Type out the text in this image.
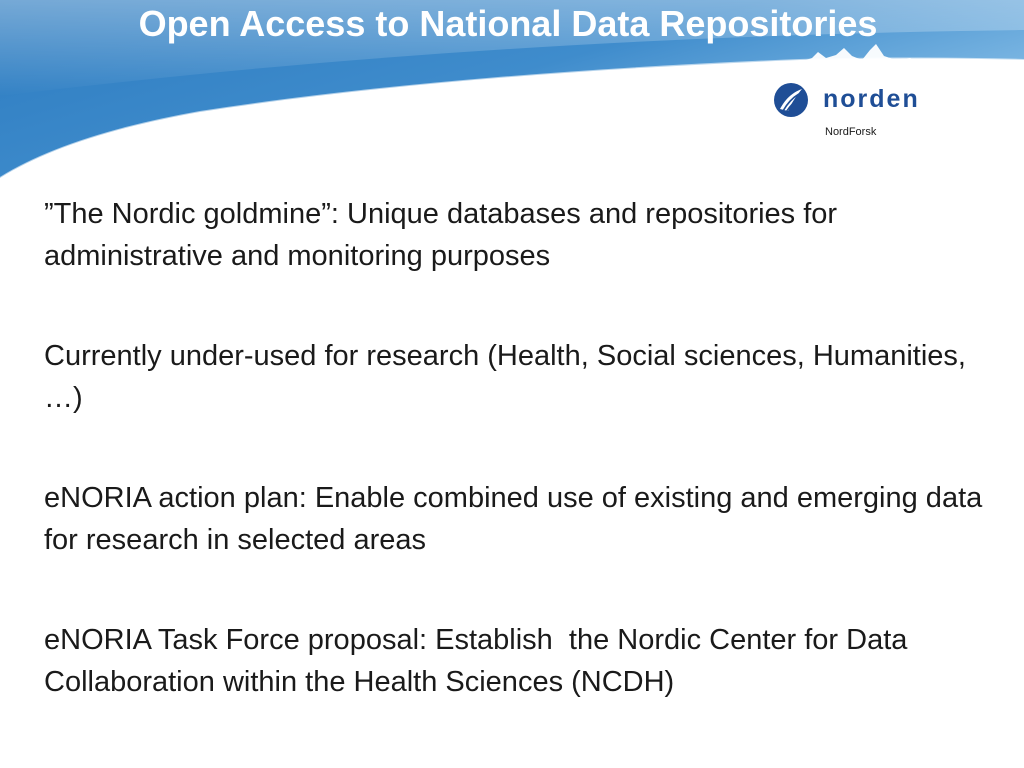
Open Access to National Data Repositories
norden
NordForsk
”The Nordic goldmine”: Unique databases and repositories for administrative and monitoring purposes
Currently under-used for research (Health, Social sciences, Humanities, …)
eNORIA action plan: Enable combined use of existing and emerging data for research in selected areas
eNORIA Task Force proposal: Establish  the Nordic Center for Data Collaboration within the Health Sciences (NCDH)
